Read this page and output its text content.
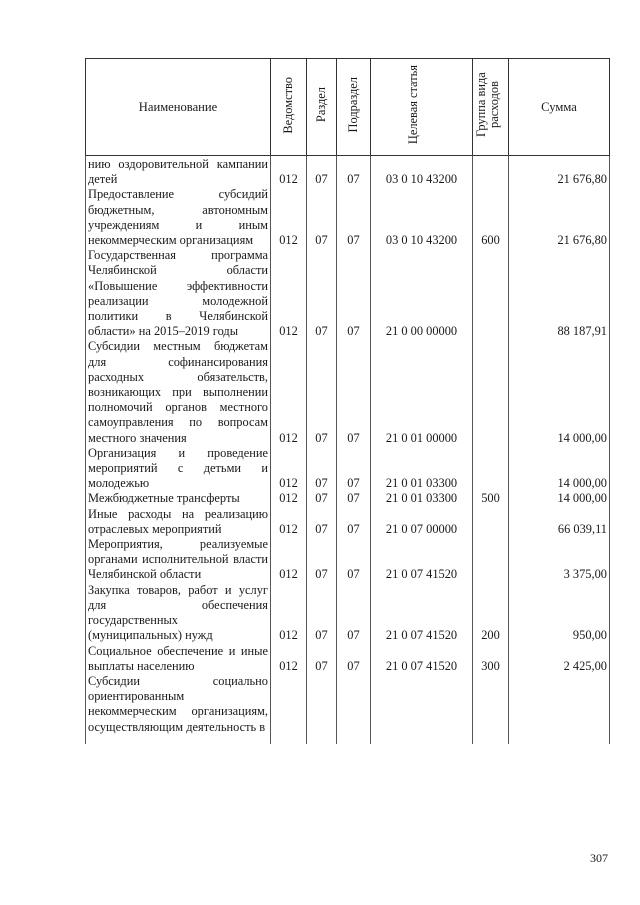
Наименование	Ведомство	Раздел	Подраздел	Целевая статья	Группа вида расходов	Сумма
нию оздоровительной кампании детей	012	07	07	03 0 10 43200		21 676,80
Предоставление субсидий бюджетным, автономным учреждениям и иным некоммерческим организациям	012	07	07	03 0 10 43200	600	21 676,80
Государственная программа Челябинской области «Повышение эффективности реализации молодежной политики в Челябинской области» на 2015–2019 годы	012	07	07	21 0 00 00000		88 187,91
Субсидии местным бюджетам для софинансирования расходных обязательств, возникающих при выполнении полномочий органов местного самоуправления по вопросам местного значения	012	07	07	21 0 01 00000		14 000,00
Организация и проведение мероприятий с детьми и молодежью	012	07	07	21 0 01 03300		14 000,00
Межбюджетные трансферты	012	07	07	21 0 01 03300	500	14 000,00
Иные расходы на реализацию отраслевых мероприятий	012	07	07	21 0 07 00000		66 039,11
Мероприятия, реализуемые органами исполнительной власти Челябинской области	012	07	07	21 0 07 41520		3 375,00
Закупка товаров, работ и услуг для обеспечения государственных (муниципальных) нужд	012	07	07	21 0 07 41520	200	950,00
Социальное обеспечение и иные выплаты населению	012	07	07	21 0 07 41520	300	2 425,00
Субсидии социально ориентированным некоммерческим организациям, осуществляющим деятельность в						
307
